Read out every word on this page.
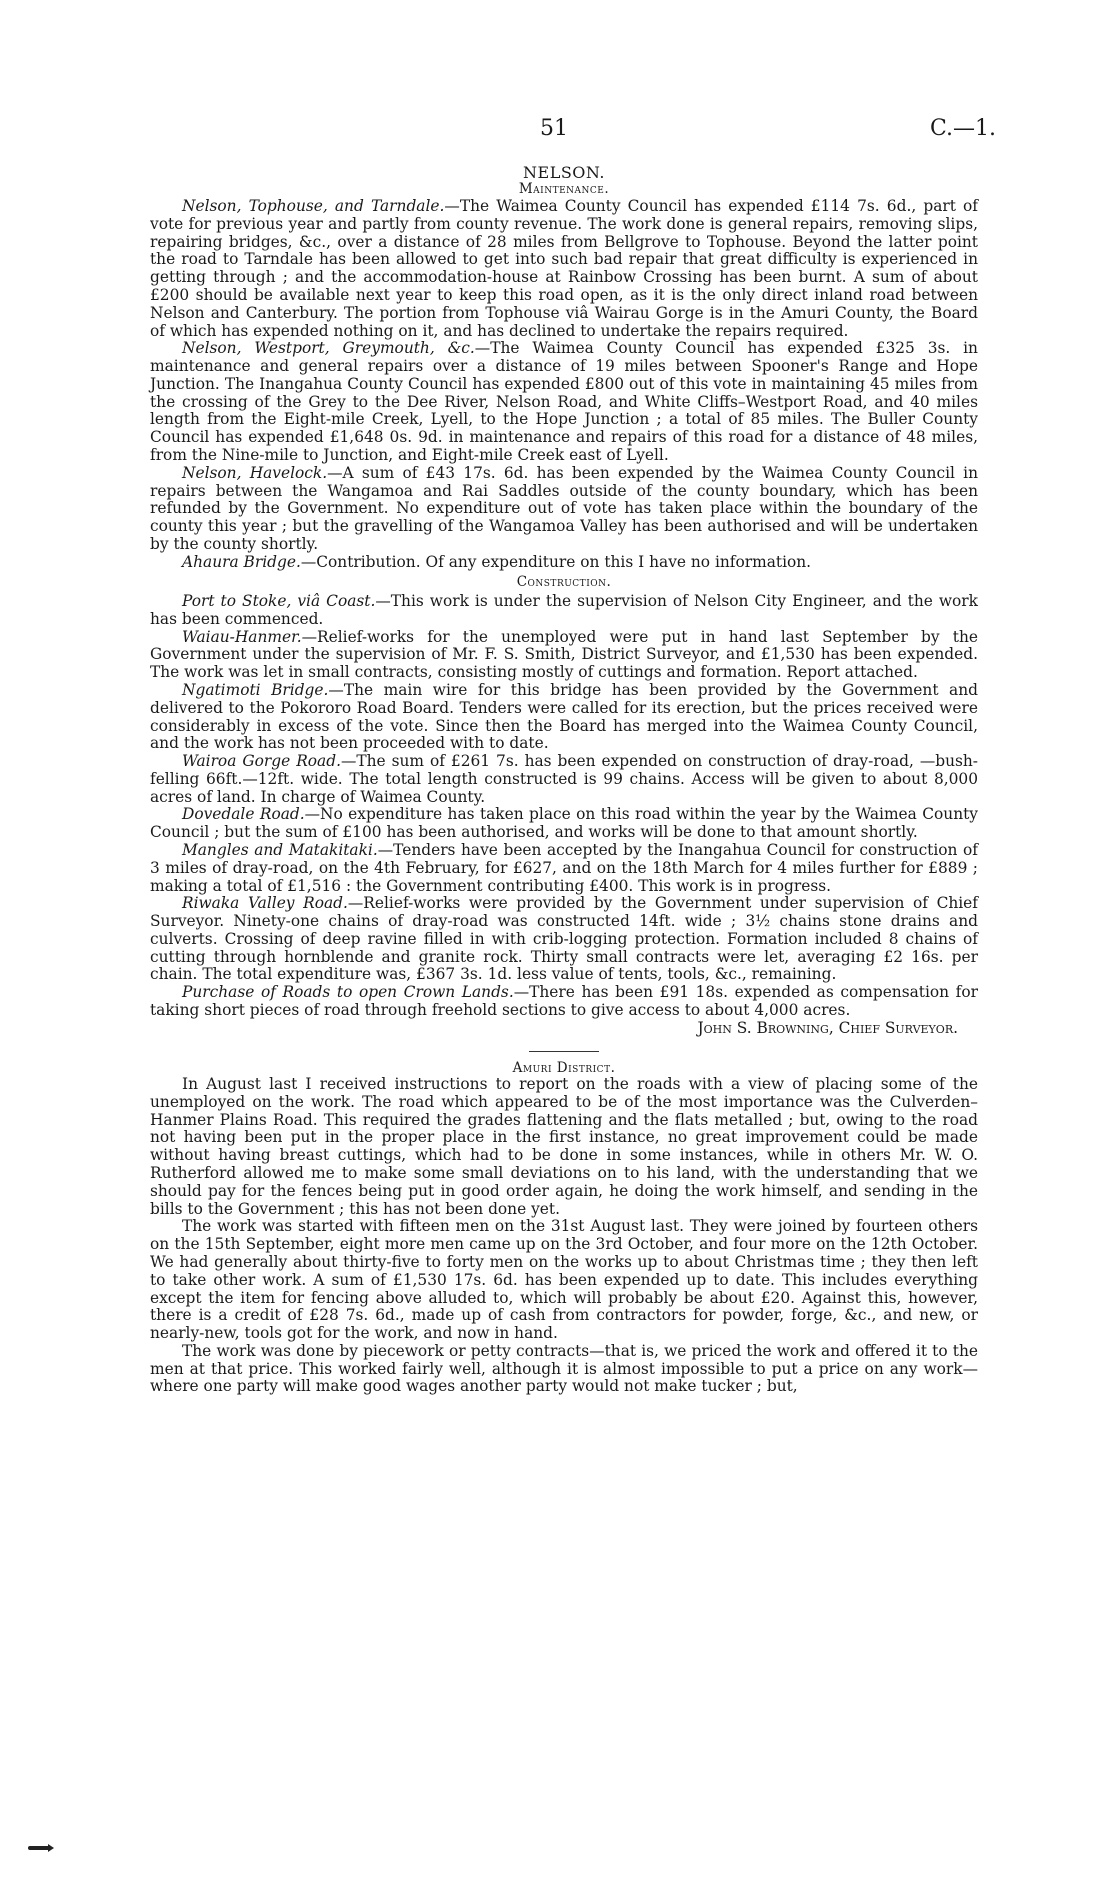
51	C.—1.
NELSON.
Maintenance.

Nelson, Tophouse, and Tarndale.—The Waimea County Council has expended £114 7s. 6d., part of vote for previous year and partly from county revenue. The work done is general repairs, removing slips, repairing bridges, &c., over a distance of 28 miles from Bellgrove to Tophouse. Beyond the latter point the road to Tarndale has been allowed to get into such bad repair that great difficulty is experienced in getting through ; and the accommodation-house at Rainbow Crossing has been burnt. A sum of about £200 should be available next year to keep this road open, as it is the only direct inland road between Nelson and Canterbury. The portion from Tophouse viâ Wairau Gorge is in the Amuri County, the Board of which has expended nothing on it, and has declined to undertake the repairs required.

Nelson, Westport, Greymouth, &c.—The Waimea County Council has expended £325 3s. in maintenance and general repairs over a distance of 19 miles between Spooner's Range and Hope Junction. The Inangahua County Council has expended £800 out of this vote in maintaining 45 miles from the crossing of the Grey to the Dee River, Nelson Road, and White Cliffs–Westport Road, and 40 miles length from the Eight-mile Creek, Lyell, to the Hope Junction ; a total of 85 miles. The Buller County Council has expended £1,648 0s. 9d. in maintenance and repairs of this road for a distance of 48 miles, from the Nine-mile to Junction, and Eight-mile Creek east of Lyell.

Nelson, Havelock.—A sum of £43 17s. 6d. has been expended by the Waimea County Council in repairs between the Wangamoa and Rai Saddles outside of the county boundary, which has been refunded by the Government. No expenditure out of vote has taken place within the boundary of the county this year ; but the gravelling of the Wangamoa Valley has been authorised and will be undertaken by the county shortly.

Ahaura Bridge.—Contribution. Of any expenditure on this I have no information.

Construction.

Port to Stoke, viâ Coast.—This work is under the supervision of Nelson City Engineer, and the work has been commenced.

Waiau-Hanmer.—Relief-works for the unemployed were put in hand last September by the Government under the supervision of Mr. F. S. Smith, District Surveyor, and £1,530 has been expended. The work was let in small contracts, consisting mostly of cuttings and formation. Report attached.

Ngatimoti Bridge.—The main wire for this bridge has been provided by the Government and delivered to the Pokororo Road Board. Tenders were called for its erection, but the prices received were considerably in excess of the vote. Since then the Board has merged into the Waimea County Council, and the work has not been proceeded with to date.

Wairoa Gorge Road.—The sum of £261 7s. has been expended on construction of dray-road, —bush-felling 66ft.—12ft. wide. The total length constructed is 99 chains. Access will be given to about 8,000 acres of land. In charge of Waimea County.

Dovedale Road.—No expenditure has taken place on this road within the year by the Waimea County Council ; but the sum of £100 has been authorised, and works will be done to that amount shortly.

Mangles and Matakitaki.—Tenders have been accepted by the Inangahua Council for construction of 3 miles of dray-road, on the 4th February, for £627, and on the 18th March for 4 miles further for £889 ; making a total of £1,516 : the Government contributing £400. This work is in progress.

Riwaka Valley Road.—Relief-works were provided by the Government under supervision of Chief Surveyor. Ninety-one chains of dray-road was constructed 14ft. wide ; 3½ chains stone drains and culverts. Crossing of deep ravine filled in with crib-logging protection. Formation included 8 chains of cutting through hornblende and granite rock. Thirty small contracts were let, averaging £2 16s. per chain. The total expenditure was, £367 3s. 1d. less value of tents, tools, &c., remaining.

Purchase of Roads to open Crown Lands.—There has been £91 18s. expended as compensation for taking short pieces of road through freehold sections to give access to about 4,000 acres.

John S. Browning, Chief Surveyor.
Amuri District.

In August last I received instructions to report on the roads with a view of placing some of the unemployed on the work. The road which appeared to be of the most importance was the Culverden–Hanmer Plains Road. This required the grades flattening and the flats metalled ; but, owing to the road not having been put in the proper place in the first instance, no great improvement could be made without having breast cuttings, which had to be done in some instances, while in others Mr. W. O. Rutherford allowed me to make some small deviations on to his land, with the understanding that we should pay for the fences being put in good order again, he doing the work himself, and sending in the bills to the Government ; this has not been done yet.

The work was started with fifteen men on the 31st August last. They were joined by fourteen others on the 15th September, eight more men came up on the 3rd October, and four more on the 12th October. We had generally about thirty-five to forty men on the works up to about Christmas time ; they then left to take other work. A sum of £1,530 17s. 6d. has been expended up to date. This includes everything except the item for fencing above alluded to, which will probably be about £20. Against this, however, there is a credit of £28 7s. 6d., made up of cash from contractors for powder, forge, &c., and new, or nearly-new, tools got for the work, and now in hand.

The work was done by piecework or petty contracts—that is, we priced the work and offered it to the men at that price. This worked fairly well, although it is almost impossible to put a price on any work—where one party will make good wages another party would not make tucker ; but,
